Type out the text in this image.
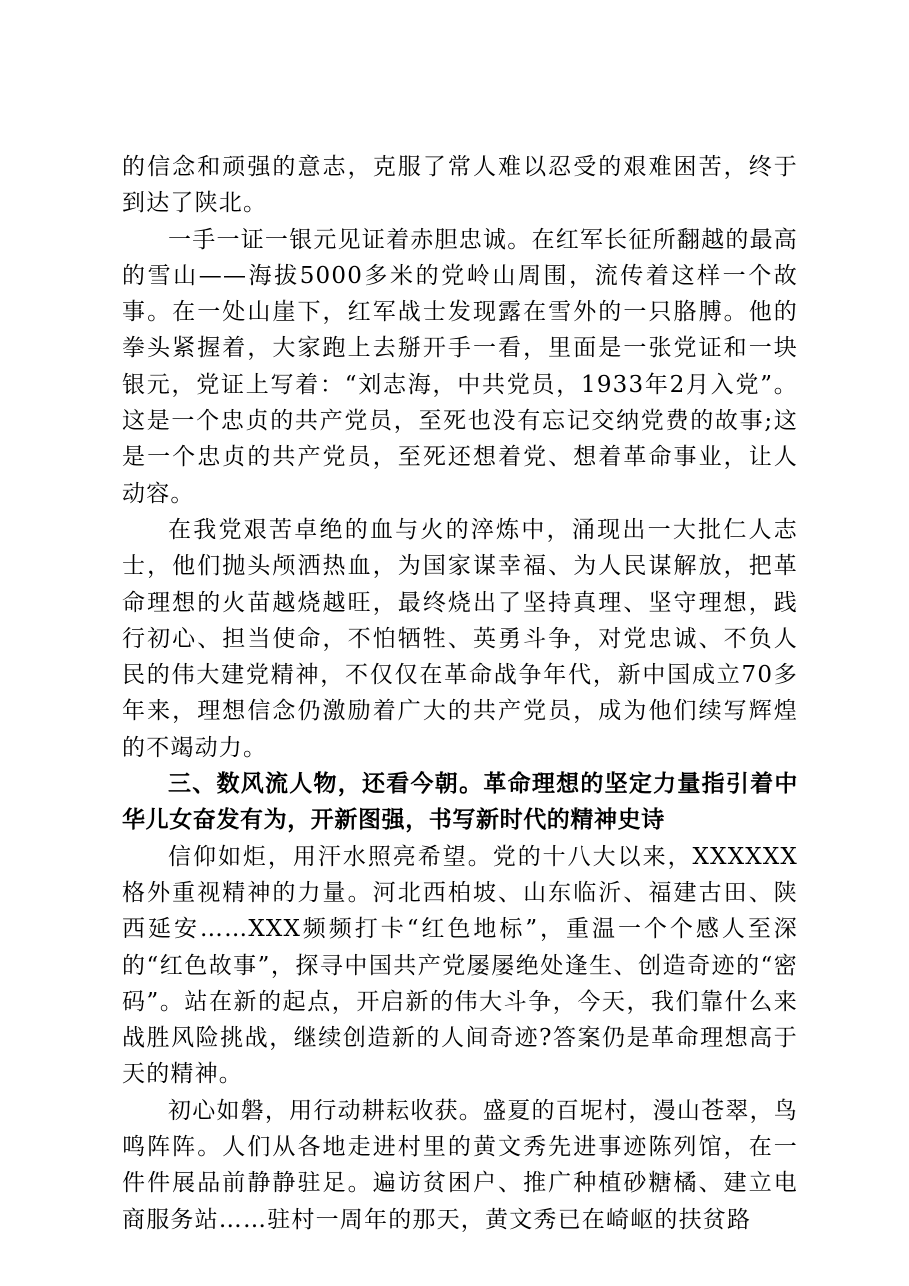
的信念和顽强的意志，克服了常人难以忍受的艰难困苦，终于到达了陕北。

一手一证一银元见证着赤胆忠诚。在红军长征所翻越的最高的雪山——海拔5000多米的党岭山周围，流传着这样一个故事。在一处山崖下，红军战士发现露在雪外的一只胳膊。他的拳头紧握着，大家跑上去掰开手一看，里面是一张党证和一块银元，党证上写着：“刘志海，中共党员，1933年2月入党”。这是一个忠贞的共产党员，至死也没有忘记交纳党费的故事;这是一个忠贞的共产党员，至死还想着党、想着革命事业，让人动容。

在我党艰苦卓绝的血与火的淬炼中，涌现出一大批仁人志士，他们抛头颅洒热血，为国家谋幸福、为人民谋解放，把革命理想的火苗越烧越旺，最终烧出了坚持真理、坚守理想，践行初心、担当使命，不怕牺牲、英勇斗争，对党忠诚、不负人民的伟大建党精神，不仅仅在革命战争年代，新中国成立70多年来，理想信念仍激励着广大的共产党员，成为他们续写辉煌的不竭动力。

三、数风流人物，还看今朝。革命理想的坚定力量指引着中华儿女奋发有为，开新图强，书写新时代的精神史诗

信仰如炬，用汗水照亮希望。党的十八大以来，XXXXXX格外重视精神的力量。河北西柏坡、山东临沂、福建古田、陕西延安……XXX频频打卡“红色地标”，重温一个个感人至深的“红色故事”，探寻中国共产党屡屡绝处逢生、创造奇迹的“密码”。站在新的起点，开启新的伟大斗争，今天，我们靠什么来战胜风险挑战，继续创造新的人间奇迹?答案仍是革命理想高于天的精神。

初心如磐，用行动耕耘收获。盛夏的百坭村，漫山苍翠，鸟鸣阵阵。人们从各地走进村里的黄文秀先进事迹陈列馆，在一件件展品前静静驻足。遍访贫困户、推广种植砂糖橘、建立电商服务站……驻村一周年的那天，黄文秀已在崎岖的扶贫路
